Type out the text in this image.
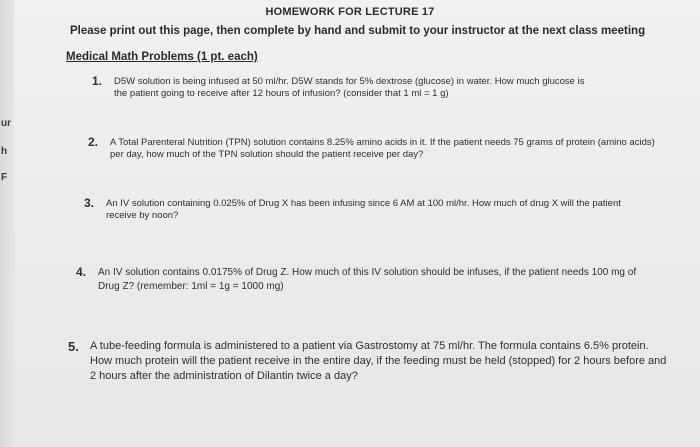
ur
h
F
HOMEWORK FOR LECTURE 17
Please print out this page, then complete by hand and submit to your instructor at the next class meeting
Medical Math Problems (1 pt. each)
1. D5W solution is being infused at 50 ml/hr. D5W stands for 5% dextrose (glucose) in water. How much glucose is the patient going to receive after 12 hours of infusion? (consider that 1 ml = 1 g)
2. A Total Parenteral Nutrition (TPN) solution contains 8.25% amino acids in it. If the patient needs 75 grams of protein (amino acids) per day, how much of the TPN solution should the patient receive per day?
3. An IV solution containing 0.025% of Drug X has been infusing since 6 AM at 100 ml/hr. How much of drug X will the patient receive by noon?
4. An IV solution contains 0.0175% of Drug Z. How much of this IV solution should be infuses, if the patient needs 100 mg of Drug Z? (remember: 1ml = 1g = 1000 mg)
5. A tube-feeding formula is administered to a patient via Gastrostomy at 75 ml/hr. The formula contains 6.5% protein. How much protein will the patient receive in the entire day, if the feeding must be held (stopped) for 2 hours before and 2 hours after the administration of Dilantin twice a day?
